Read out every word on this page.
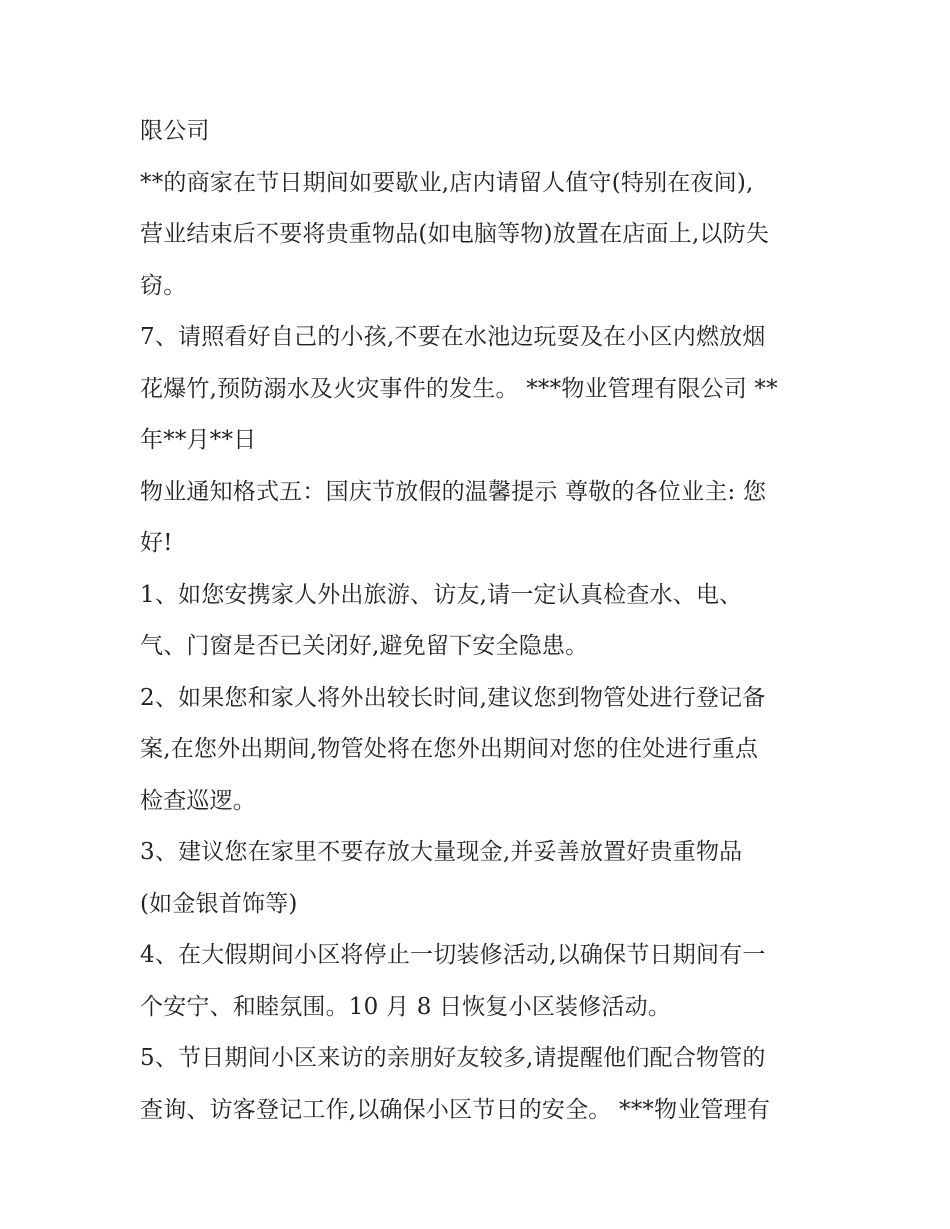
限公司
**的商家在节日期间如要歇业,店内请留人值守(特别在夜间),
营业结束后不要将贵重物品(如电脑等物)放置在店面上,以防失
窃。
7、请照看好自己的小孩,不要在水池边玩耍及在小区内燃放烟
花爆竹,预防溺水及火灾事件的发生。 ***物业管理有限公司 **
年**月**日
物业通知格式五：国庆节放假的温馨提示 尊敬的各位业主: 您
好!
1、如您安携家人外出旅游、访友,请一定认真检查水、电、
气、门窗是否已关闭好,避免留下安全隐患。
2、如果您和家人将外出较长时间,建议您到物管处进行登记备
案,在您外出期间,物管处将在您外出期间对您的住处进行重点
检查巡逻。
3、建议您在家里不要存放大量现金,并妥善放置好贵重物品
(如金银首饰等)
4、在大假期间小区将停止一切装修活动,以确保节日期间有一
个安宁、和睦氛围。10 月 8 日恢复小区装修活动。
5、节日期间小区来访的亲朋好友较多,请提醒他们配合物管的
查询、访客登记工作,以确保小区节日的安全。 ***物业管理有
